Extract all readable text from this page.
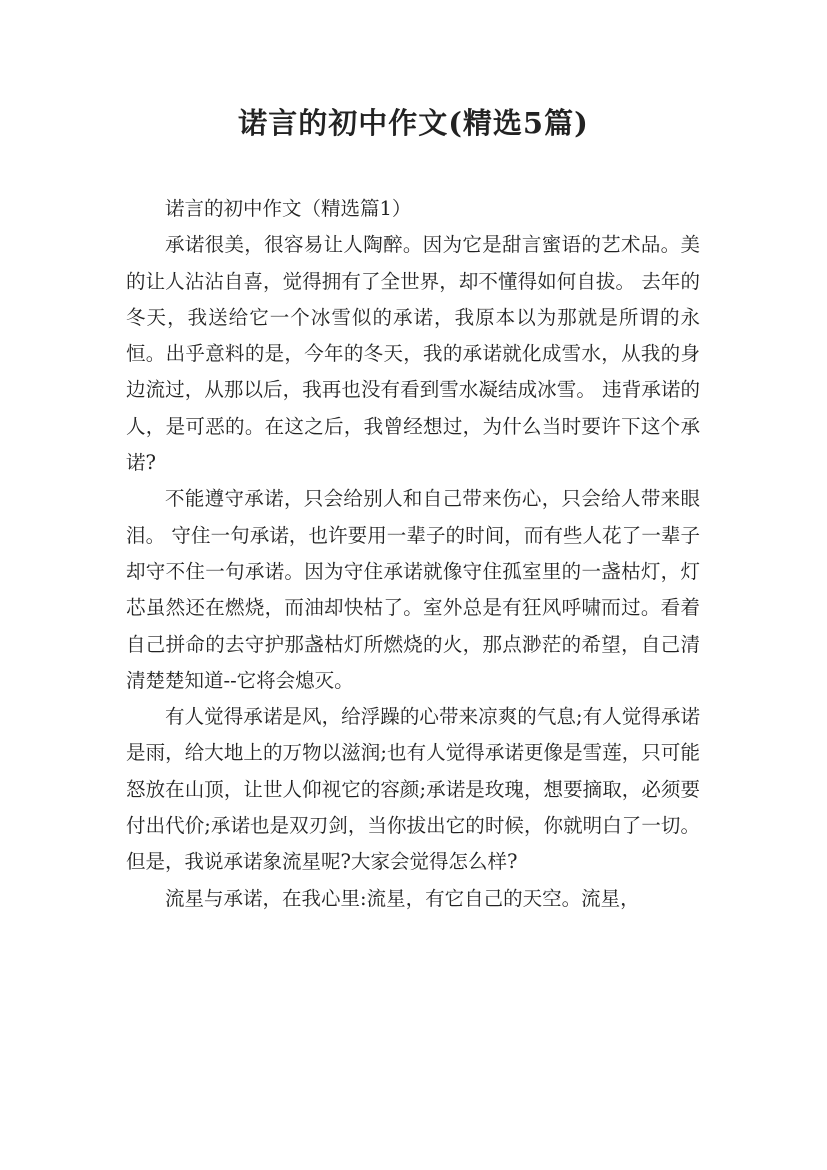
诺言的初中作文(精选5篇)

诺言的初中作文（精选篇1）

承诺很美，很容易让人陶醉。因为它是甜言蜜语的艺术品。美的让人沾沾自喜，觉得拥有了全世界，却不懂得如何自拔。 去年的冬天，我送给它一个冰雪似的承诺，我原本以为那就是所谓的永恒。出乎意料的是，今年的冬天，我的承诺就化成雪水，从我的身边流过，从那以后，我再也没有看到雪水凝结成冰雪。 违背承诺的人，是可恶的。在这之后，我曾经想过，为什么当时要许下这个承诺?

不能遵守承诺，只会给别人和自己带来伤心，只会给人带来眼泪。 守住一句承诺，也许要用一辈子的时间，而有些人花了一辈子却守不住一句承诺。因为守住承诺就像守住孤室里的一盏枯灯，灯芯虽然还在燃烧，而油却快枯了。室外总是有狂风呼啸而过。看着自己拼命的去守护那盏枯灯所燃烧的火，那点渺茫的希望，自己清清楚楚知道--它将会熄灭。

有人觉得承诺是风，给浮躁的心带来凉爽的气息;有人觉得承诺是雨，给大地上的万物以滋润;也有人觉得承诺更像是雪莲，只可能怒放在山顶，让世人仰视它的容颜;承诺是玫瑰，想要摘取，必须要付出代价;承诺也是双刃剑，当你拔出它的时候，你就明白了一切。但是，我说承诺象流星呢?大家会觉得怎么样?

流星与承诺，在我心里:流星，有它自己的天空。流星，
